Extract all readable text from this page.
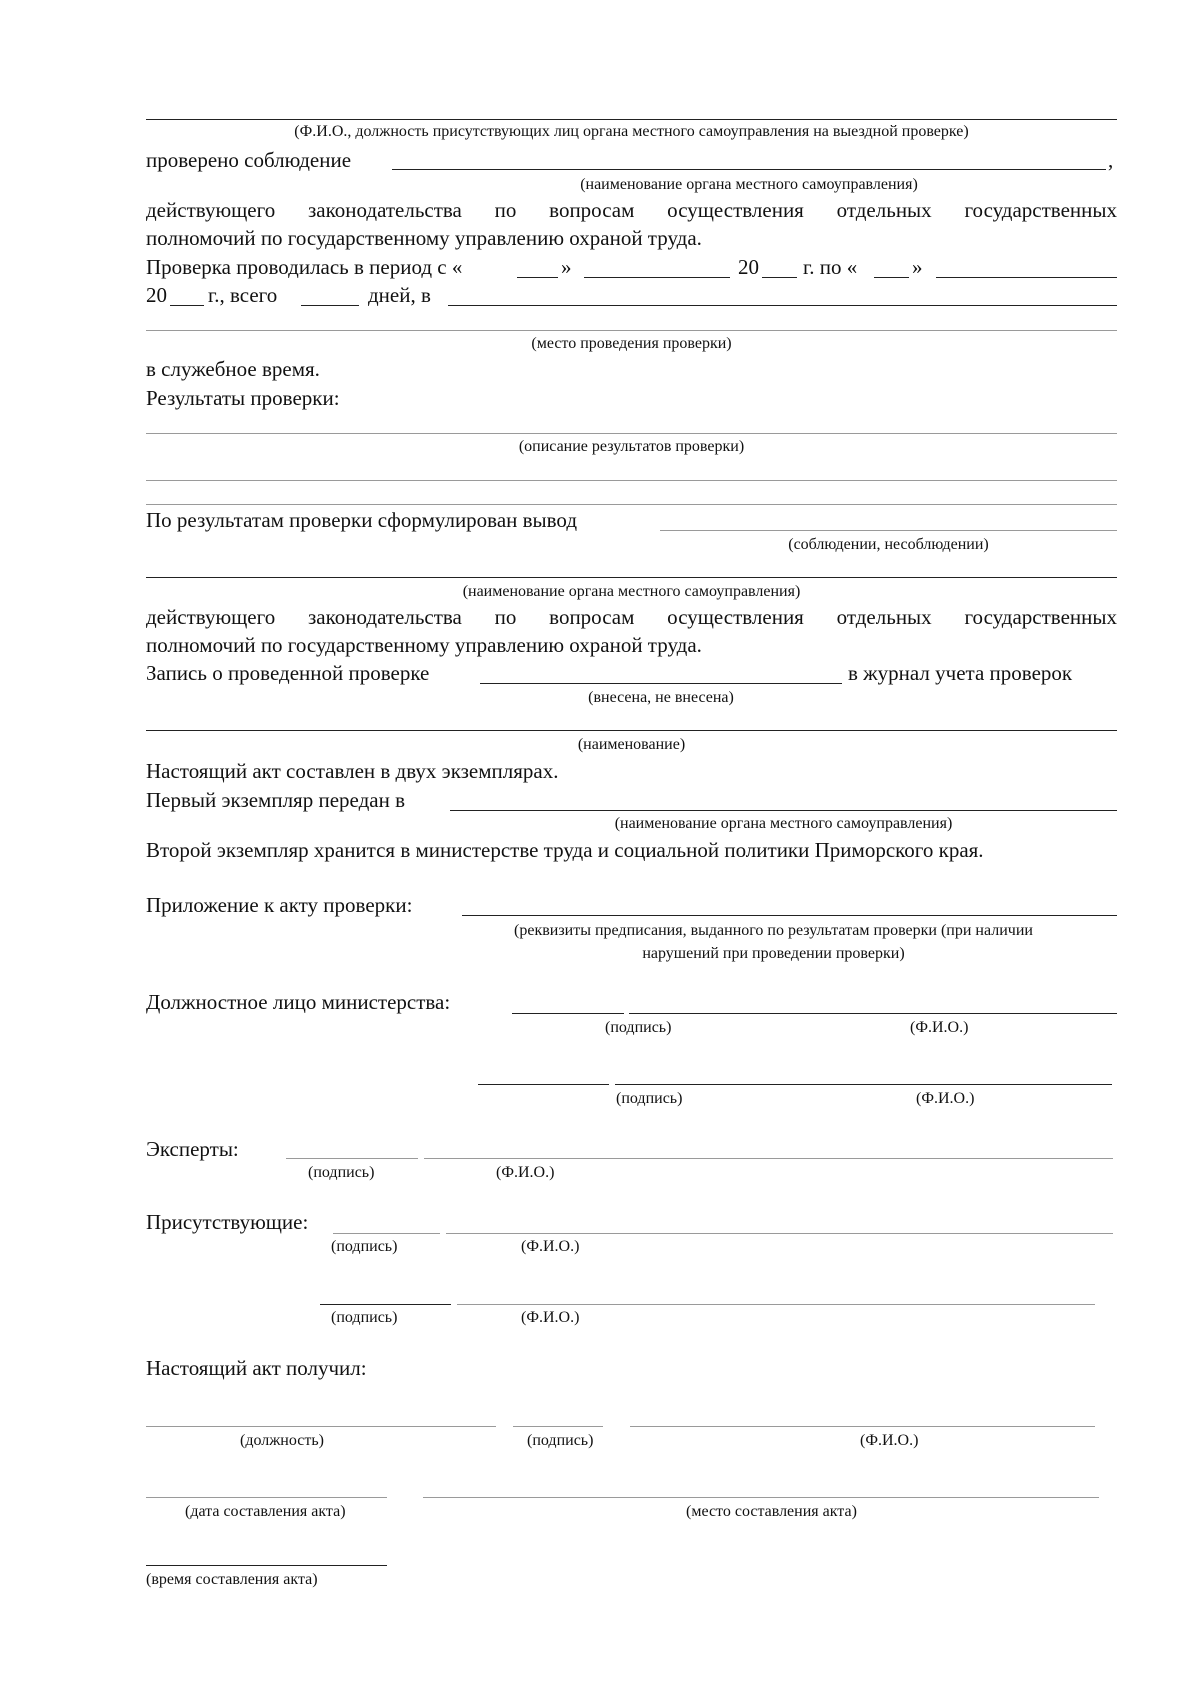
(Ф.И.О., должность присутствующих лиц органа местного самоуправления на выездной проверке)
проверено соблюдение	,
(наименование органа местного самоуправления)
действующего законодательства по вопросам осуществления отдельных государственных
полномочий по государственному управлению охраной труда.
Проверка проводилась в период с «	»	20 г. по «	»
20 г., всего	дней, в
(место проведения проверки)
в служебное время.
Результаты проверки:
(описание результатов проверки)
По результатам проверки сформулирован вывод
(соблюдении, несоблюдении)
(наименование органа местного самоуправления)
действующего законодательства по вопросам осуществления отдельных государственных
полномочий по государственному управлению охраной труда.
Запись о проведенной проверке	в журнал учета проверок
(внесена, не внесена)
(наименование)
Настоящий акт составлен в двух экземплярах.
Первый экземпляр передан в
(наименование органа местного самоуправления)
Второй экземпляр хранится в министерстве труда и социальной политики Приморского края.
Приложение к акту проверки:
(реквизиты предписания, выданного по результатам проверки (при наличии
нарушений при проведении проверки)
Должностное лицо министерства:
(подпись)	(Ф.И.О.)
(подпись)	(Ф.И.О.)
Эксперты:
(подпись)	(Ф.И.О.)
Присутствующие:
(подпись)	(Ф.И.О.)
(подпись)	(Ф.И.О.)
Настоящий акт получил:
(должность)	(подпись)	(Ф.И.О.)
(дата составления акта)	(место составления акта)
(время составления акта)
